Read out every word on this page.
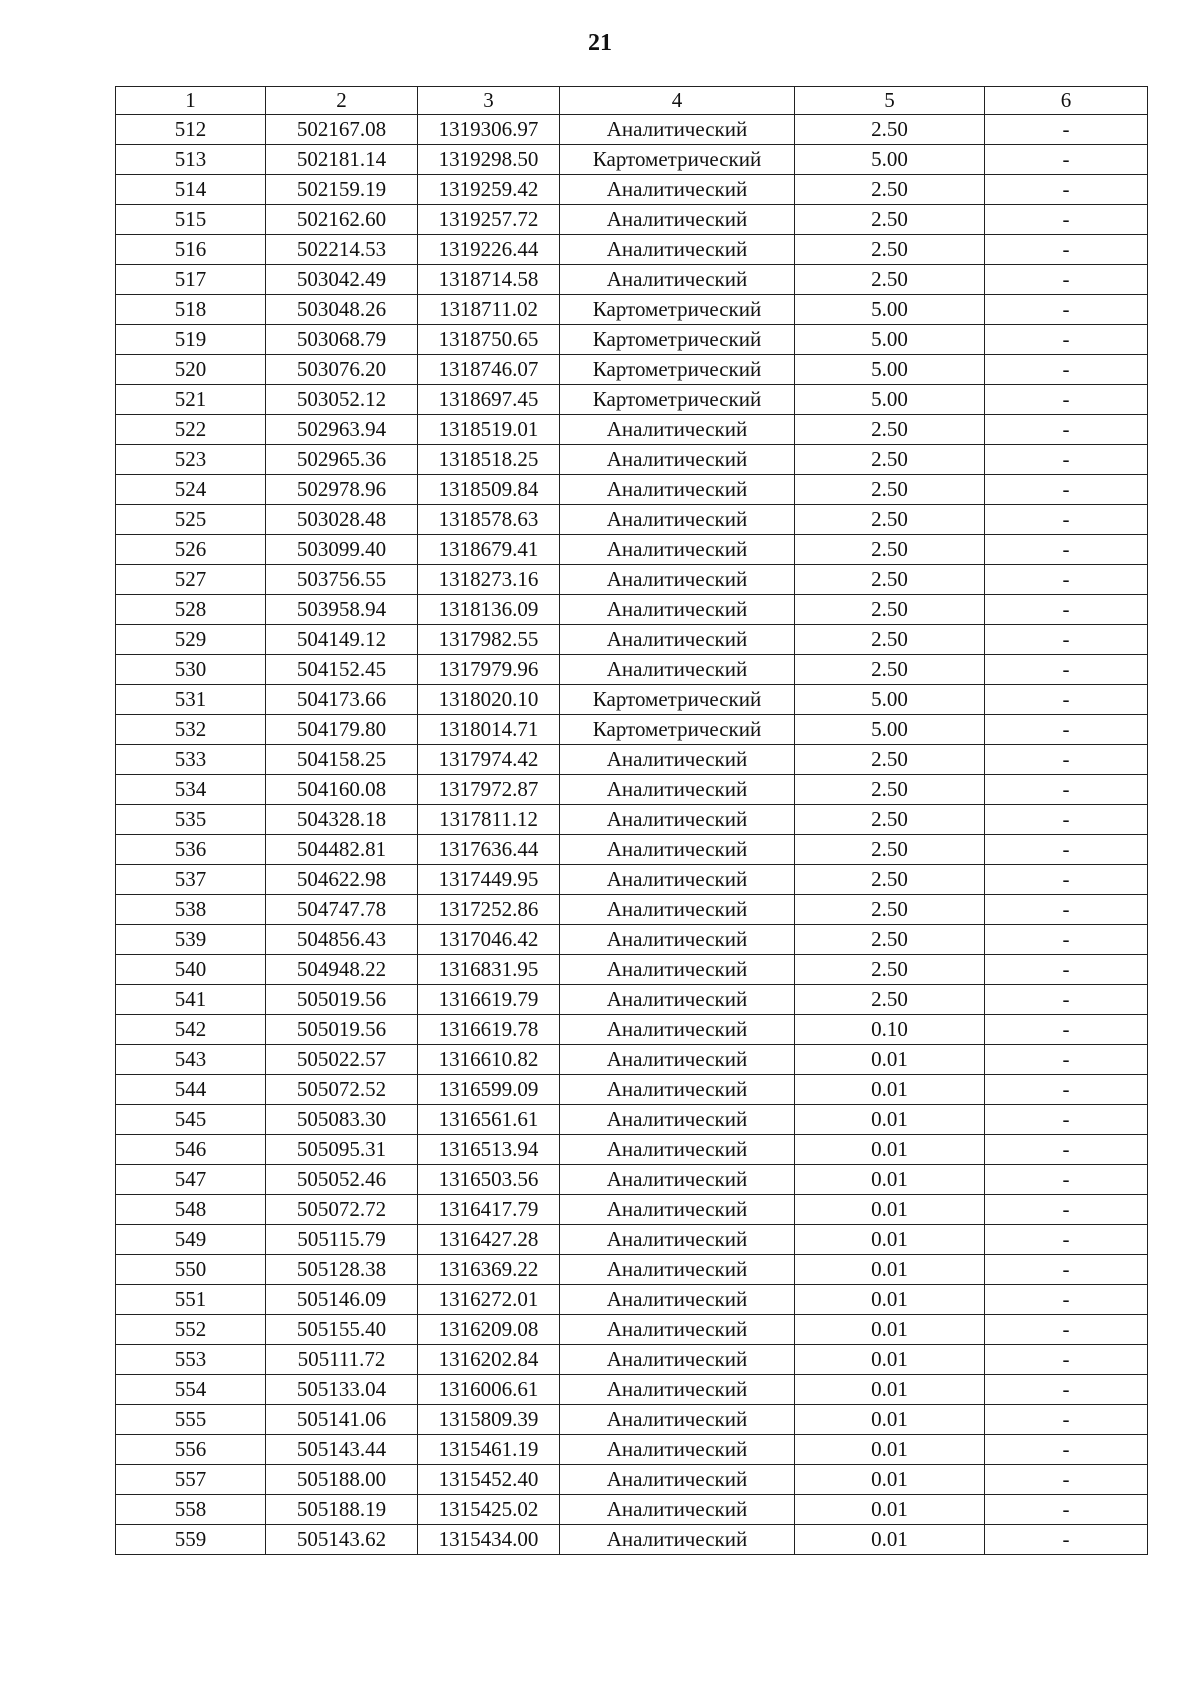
21
1	2	3	4	5	6
512	502167.08	1319306.97	Аналитический	2.50	-
513	502181.14	1319298.50	Картометрический	5.00	-
514	502159.19	1319259.42	Аналитический	2.50	-
515	502162.60	1319257.72	Аналитический	2.50	-
516	502214.53	1319226.44	Аналитический	2.50	-
517	503042.49	1318714.58	Аналитический	2.50	-
518	503048.26	1318711.02	Картометрический	5.00	-
519	503068.79	1318750.65	Картометрический	5.00	-
520	503076.20	1318746.07	Картометрический	5.00	-
521	503052.12	1318697.45	Картометрический	5.00	-
522	502963.94	1318519.01	Аналитический	2.50	-
523	502965.36	1318518.25	Аналитический	2.50	-
524	502978.96	1318509.84	Аналитический	2.50	-
525	503028.48	1318578.63	Аналитический	2.50	-
526	503099.40	1318679.41	Аналитический	2.50	-
527	503756.55	1318273.16	Аналитический	2.50	-
528	503958.94	1318136.09	Аналитический	2.50	-
529	504149.12	1317982.55	Аналитический	2.50	-
530	504152.45	1317979.96	Аналитический	2.50	-
531	504173.66	1318020.10	Картометрический	5.00	-
532	504179.80	1318014.71	Картометрический	5.00	-
533	504158.25	1317974.42	Аналитический	2.50	-
534	504160.08	1317972.87	Аналитический	2.50	-
535	504328.18	1317811.12	Аналитический	2.50	-
536	504482.81	1317636.44	Аналитический	2.50	-
537	504622.98	1317449.95	Аналитический	2.50	-
538	504747.78	1317252.86	Аналитический	2.50	-
539	504856.43	1317046.42	Аналитический	2.50	-
540	504948.22	1316831.95	Аналитический	2.50	-
541	505019.56	1316619.79	Аналитический	2.50	-
542	505019.56	1316619.78	Аналитический	0.10	-
543	505022.57	1316610.82	Аналитический	0.01	-
544	505072.52	1316599.09	Аналитический	0.01	-
545	505083.30	1316561.61	Аналитический	0.01	-
546	505095.31	1316513.94	Аналитический	0.01	-
547	505052.46	1316503.56	Аналитический	0.01	-
548	505072.72	1316417.79	Аналитический	0.01	-
549	505115.79	1316427.28	Аналитический	0.01	-
550	505128.38	1316369.22	Аналитический	0.01	-
551	505146.09	1316272.01	Аналитический	0.01	-
552	505155.40	1316209.08	Аналитический	0.01	-
553	505111.72	1316202.84	Аналитический	0.01	-
554	505133.04	1316006.61	Аналитический	0.01	-
555	505141.06	1315809.39	Аналитический	0.01	-
556	505143.44	1315461.19	Аналитический	0.01	-
557	505188.00	1315452.40	Аналитический	0.01	-
558	505188.19	1315425.02	Аналитический	0.01	-
559	505143.62	1315434.00	Аналитический	0.01	-
